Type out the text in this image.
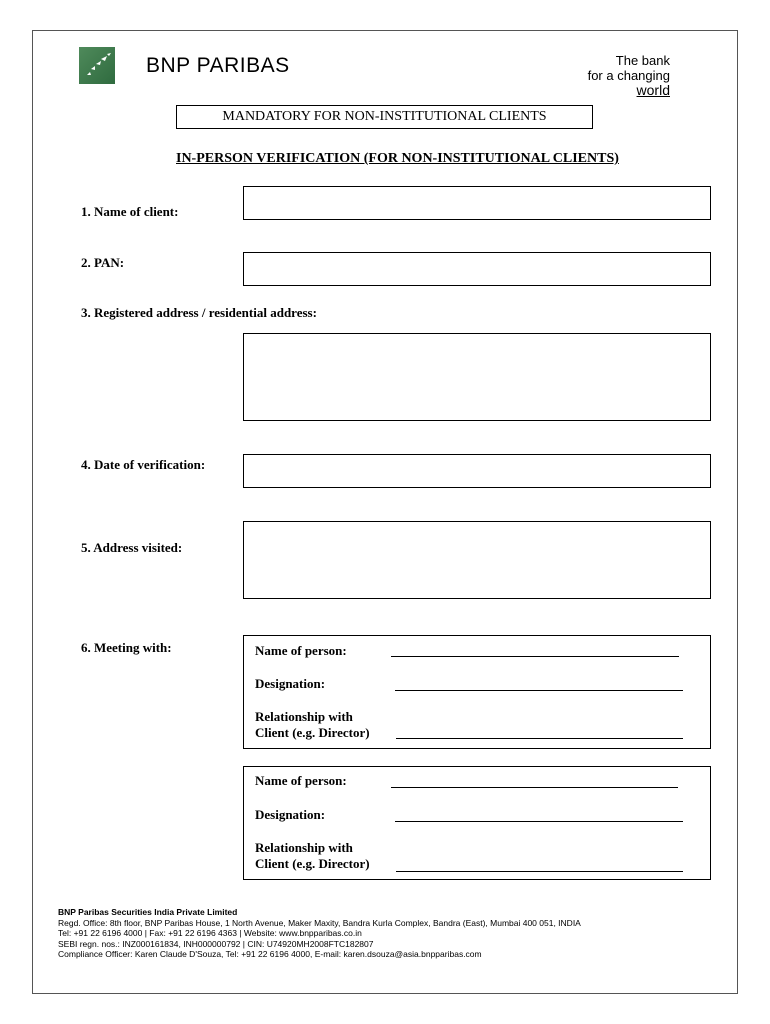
BNP PARIBAS	The bank
for a changing
world
MANDATORY FOR NON-INSTITUTIONAL CLIENTS
IN-PERSON VERIFICATION (FOR NON-INSTITUTIONAL CLIENTS)
1. Name of client:
2. PAN:
3. Registered address / residential address:
4. Date of verification:
5. Address visited:
6. Meeting with:	Name of person:
Designation:
Relationship with
Client (e.g. Director)
Name of person:
Designation:
Relationship with
Client (e.g. Director)
BNP Paribas Securities India Private Limited
Regd. Office: 8th floor, BNP Paribas House, 1 North Avenue, Maker Maxity, Bandra Kurla Complex, Bandra (East), Mumbai 400 051, INDIA
Tel: +91 22 6196 4000 | Fax: +91 22 6196 4363 | Website: www.bnpparibas.co.in
SEBI regn. nos.: INZ000161834, INH000000792 | CIN: U74920MH2008FTC182807
Compliance Officer: Karen Claude D'Souza, Tel: +91 22 6196 4000, E-mail: karen.dsouza@asia.bnpparibas.com
